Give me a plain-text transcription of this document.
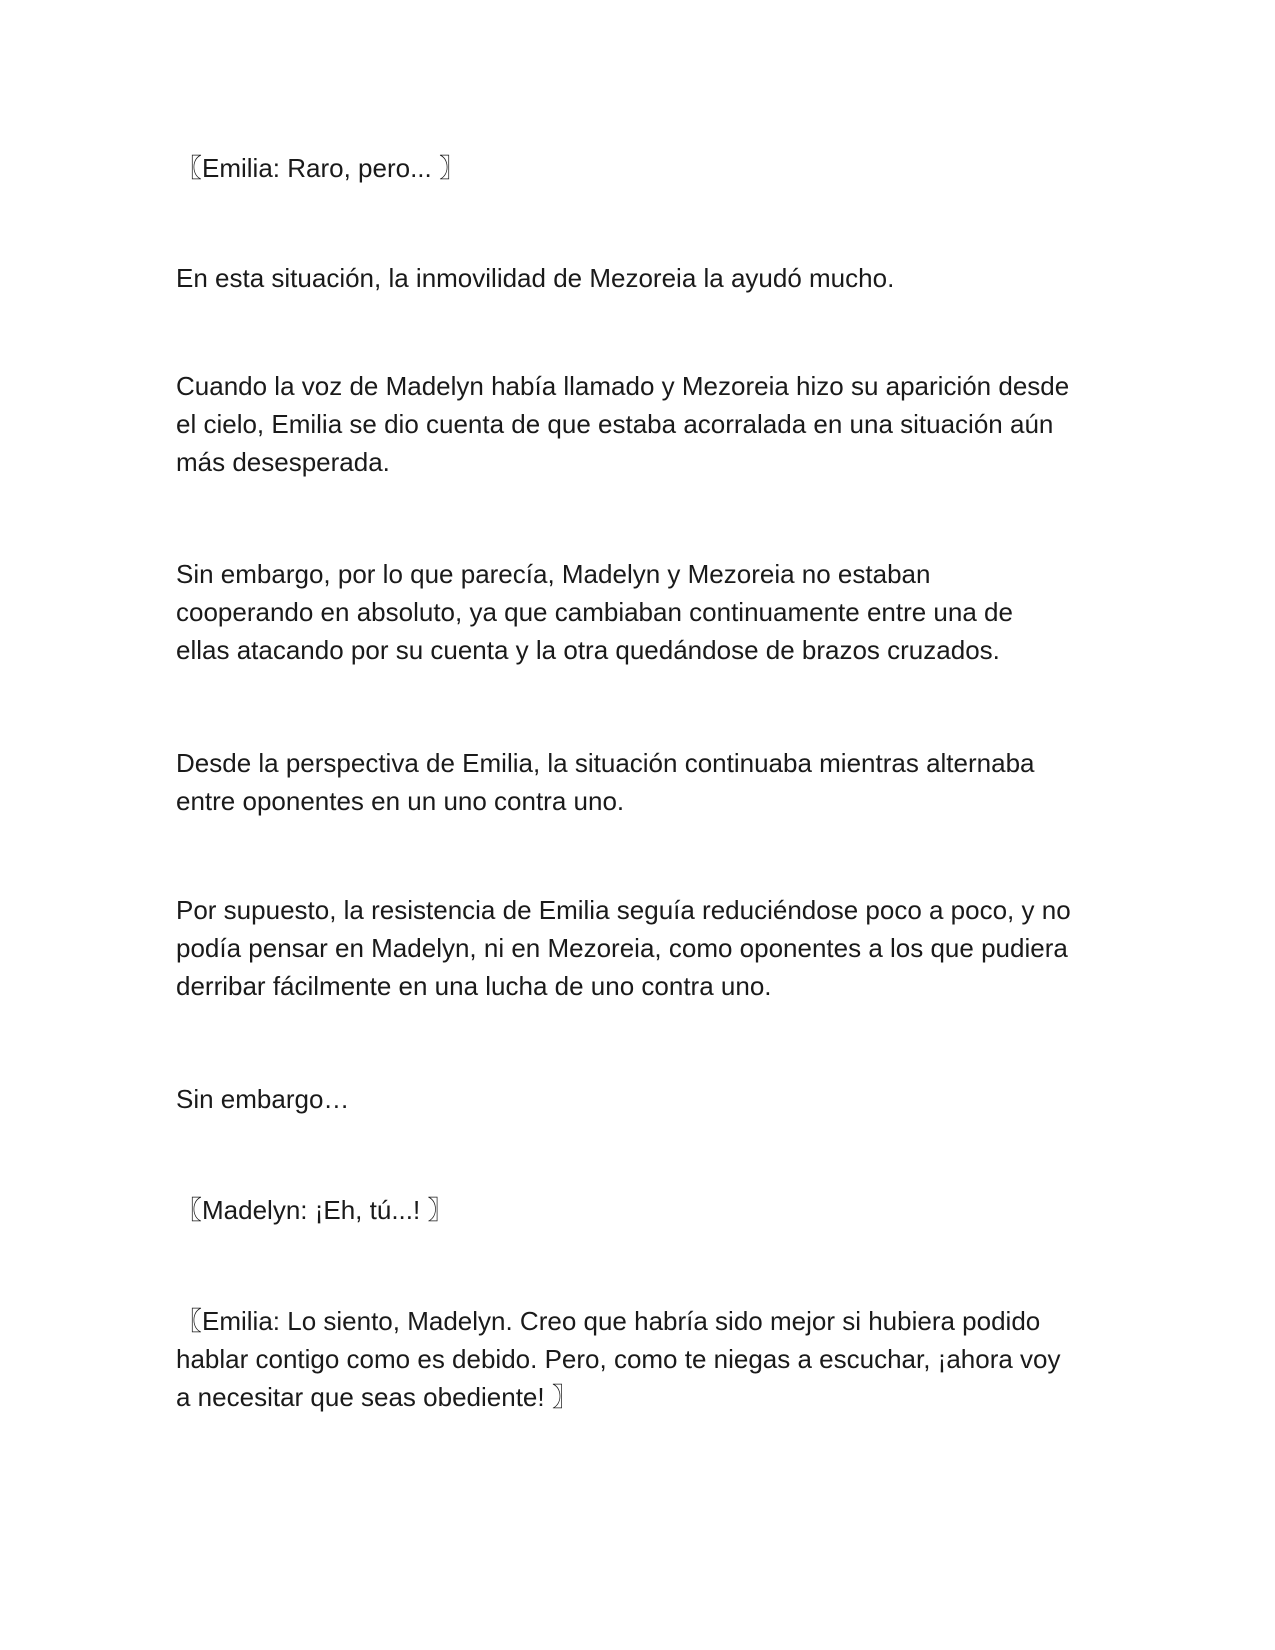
〖Emilia: Raro, pero... 〗

En esta situación, la inmovilidad de Mezoreia la ayudó mucho.

Cuando la voz de Madelyn había llamado y Mezoreia hizo su aparición desde
el cielo, Emilia se dio cuenta de que estaba acorralada en una situación aún
más desesperada.

Sin embargo, por lo que parecía, Madelyn y Mezoreia no estaban
cooperando en absoluto, ya que cambiaban continuamente entre una de
ellas atacando por su cuenta y la otra quedándose de brazos cruzados.

Desde la perspectiva de Emilia, la situación continuaba mientras alternaba
entre oponentes en un uno contra uno.

Por supuesto, la resistencia de Emilia seguía reduciéndose poco a poco, y no
podía pensar en Madelyn, ni en Mezoreia, como oponentes a los que pudiera
derribar fácilmente en una lucha de uno contra uno.

Sin embargo…

〖Madelyn: ¡Eh, tú...! 〗

〖Emilia: Lo siento, Madelyn. Creo que habría sido mejor si hubiera podido
hablar contigo como es debido. Pero, como te niegas a escuchar, ¡ahora voy
a necesitar que seas obediente! 〗
